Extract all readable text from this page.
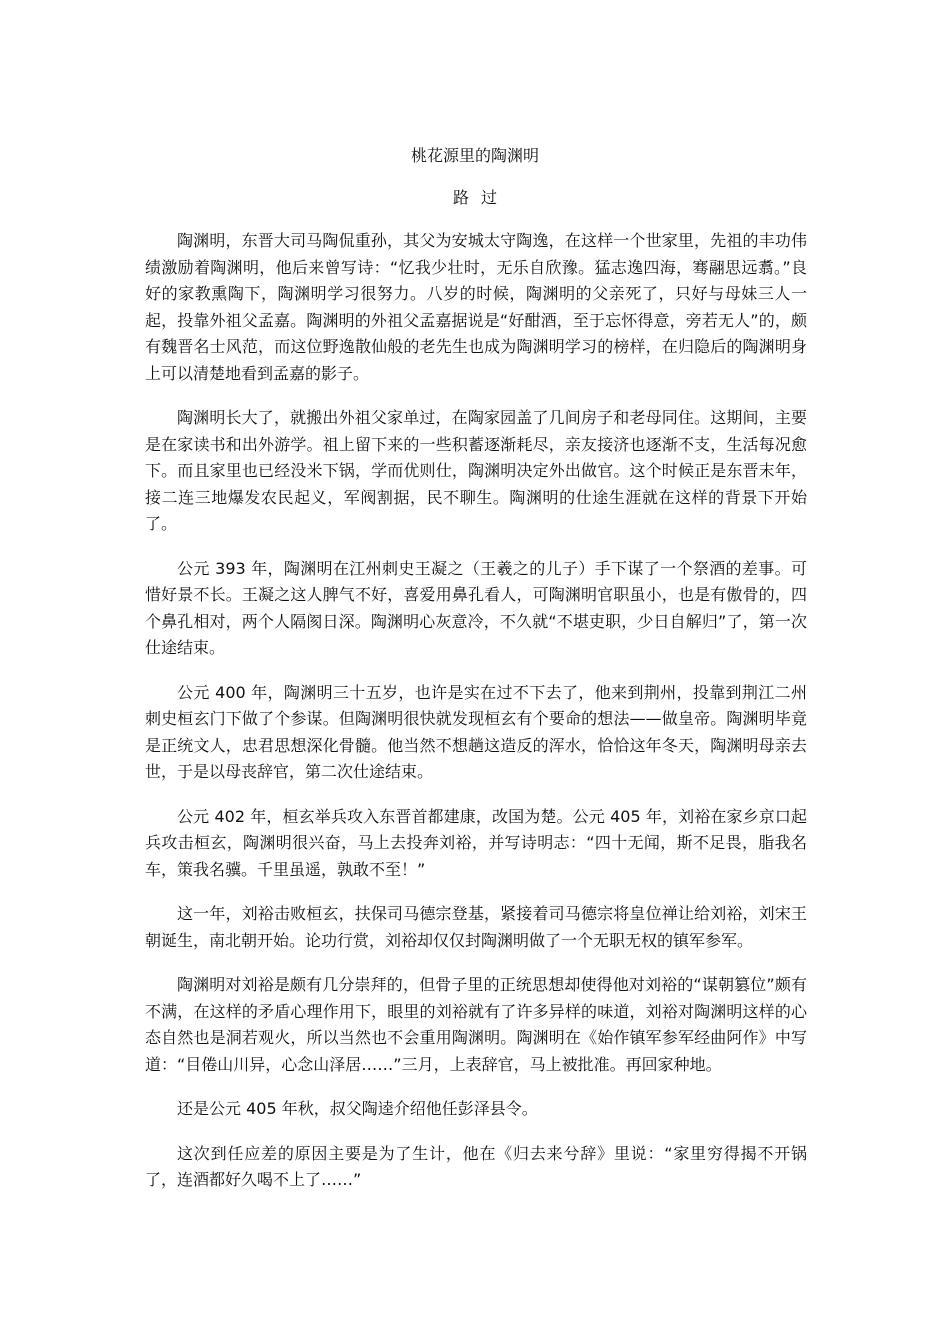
桃花源里的陶渊明
路过

陶渊明，东晋大司马陶侃重孙，其父为安城太守陶逸，在这样一个世家里，先祖的丰功伟绩激励着陶渊明，他后来曾写诗：“忆我少壮时，无乐自欣豫。猛志逸四海，骞翮思远翥。”良好的家教熏陶下，陶渊明学习很努力。八岁的时候，陶渊明的父亲死了，只好与母妹三人一起，投靠外祖父孟嘉。陶渊明的外祖父孟嘉据说是“好酣酒，至于忘怀得意，旁若无人”的，颇有魏晋名士风范，而这位野逸散仙般的老先生也成为陶渊明学习的榜样，在归隐后的陶渊明身上可以清楚地看到孟嘉的影子。

陶渊明长大了，就搬出外祖父家单过，在陶家园盖了几间房子和老母同住。这期间，主要是在家读书和出外游学。祖上留下来的一些积蓄逐渐耗尽，亲友接济也逐渐不支，生活每况愈下。而且家里也已经没米下锅，学而优则仕，陶渊明决定外出做官。这个时候正是东晋末年，接二连三地爆发农民起义，军阀割据，民不聊生。陶渊明的仕途生涯就在这样的背景下开始了。

公元 393 年，陶渊明在江州刺史王凝之（王羲之的儿子）手下谋了一个祭酒的差事。可惜好景不长。王凝之这人脾气不好，喜爱用鼻孔看人，可陶渊明官职虽小，也是有傲骨的，四个鼻孔相对，两个人隔阂日深。陶渊明心灰意冷，不久就“不堪吏职，少日自解归”了，第一次仕途结束。

公元 400 年，陶渊明三十五岁，也许是实在过不下去了，他来到荆州，投靠到荆江二州刺史桓玄门下做了个参谋。但陶渊明很快就发现桓玄有个要命的想法——做皇帝。陶渊明毕竟是正统文人，忠君思想深化骨髓。他当然不想趟这造反的浑水，恰恰这年冬天，陶渊明母亲去世，于是以母丧辞官，第二次仕途结束。

公元 402 年，桓玄举兵攻入东晋首都建康，改国为楚。公元 405 年，刘裕在家乡京口起兵攻击桓玄，陶渊明很兴奋，马上去投奔刘裕，并写诗明志：“四十无闻，斯不足畏，脂我名车，策我名骥。千里虽遥，孰敢不至！”

这一年，刘裕击败桓玄，扶保司马德宗登基，紧接着司马德宗将皇位禅让给刘裕，刘宋王朝诞生，南北朝开始。论功行赏，刘裕却仅仅封陶渊明做了一个无职无权的镇军参军。

陶渊明对刘裕是颇有几分崇拜的，但骨子里的正统思想却使得他对刘裕的“谋朝篡位”颇有不满，在这样的矛盾心理作用下，眼里的刘裕就有了许多异样的味道，刘裕对陶渊明这样的心态自然也是洞若观火，所以当然也不会重用陶渊明。陶渊明在《始作镇军参军经曲阿作》中写道：“目倦山川异，心念山泽居……”三月，上表辞官，马上被批准。再回家种地。

还是公元 405 年秋，叔父陶逵介绍他任彭泽县令。

这次到任应差的原因主要是为了生计，他在《归去来兮辞》里说：“家里穷得揭不开锅了，连酒都好久喝不上了……”
